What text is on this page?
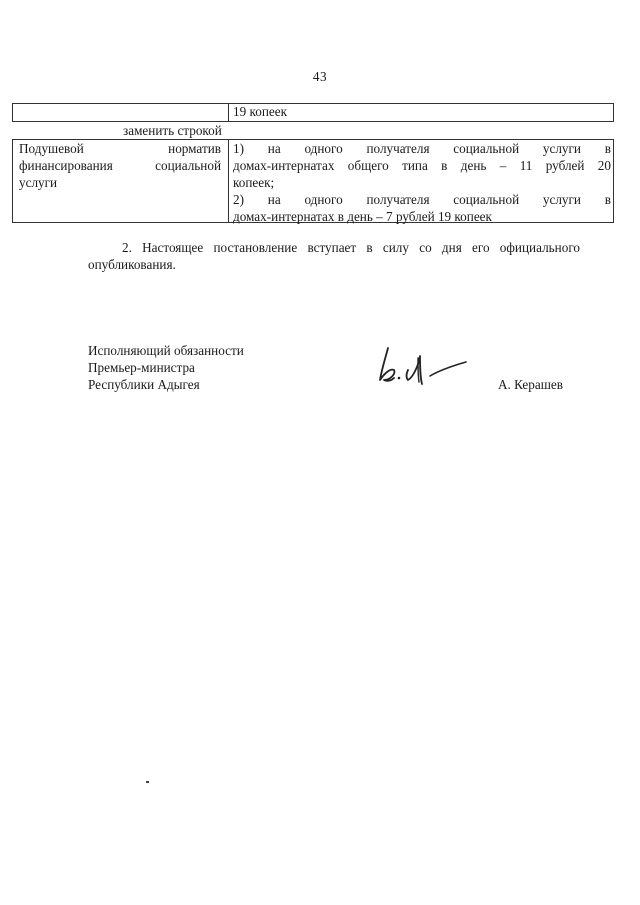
43
19 копеек
заменить строкой
Подушевой норматив
финансирования социальной
услуги
1) на одного получателя социальной услуги в
домах-интернатах общего типа в день – 11 рублей 20
копеек;
2) на одного получателя социальной услуги в
домах-интернатах в день – 7 рублей 19 копеек
2. Настоящее постановление вступает в силу со дня его официального
опубликования.
Исполняющий обязанности
Премьер-министра
Республики Адыгея	А. Керашев
